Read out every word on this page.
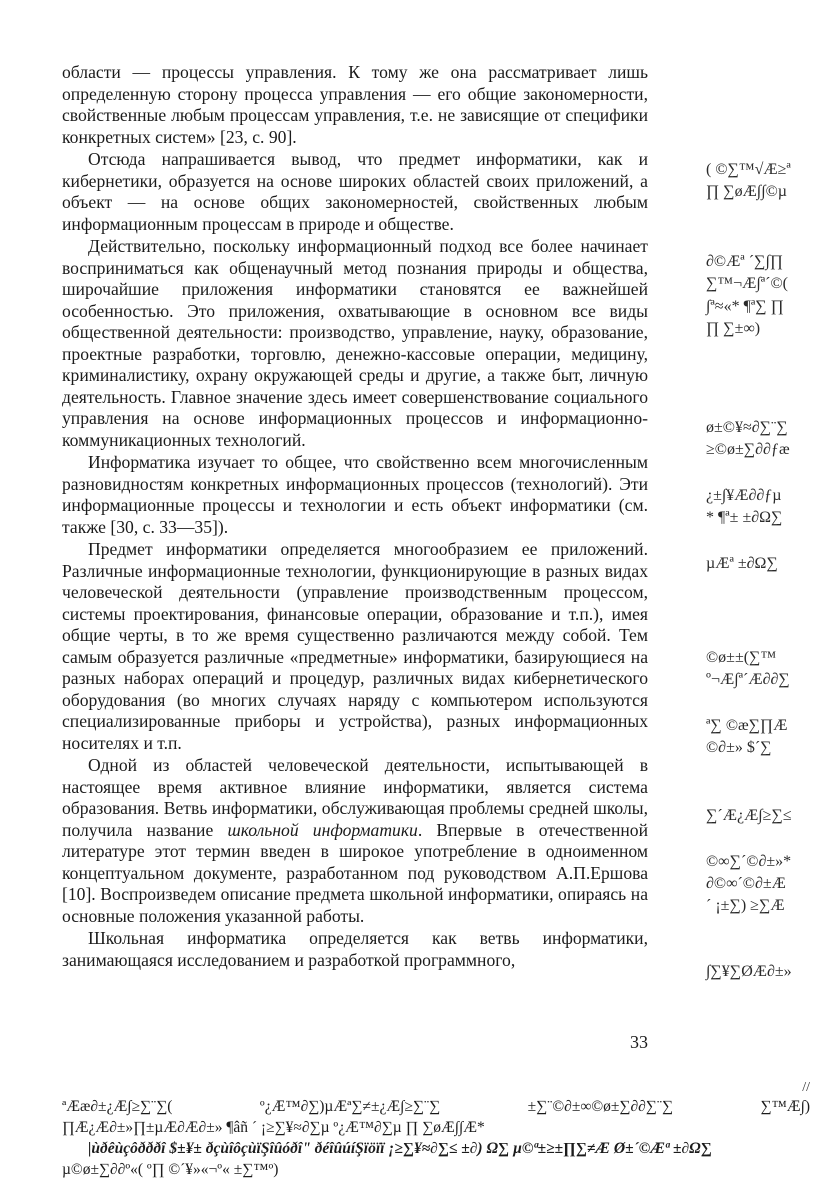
области — процессы управления. К тому же она рассматривает лишь определенную сторону процесса управления — его общие закономерности, свойственные любым процессам управления, т.е. не зависящие от специфики конкретных систем» [23, с. 90].

Отсюда напрашивается вывод, что предмет информатики, как и кибернетики, образуется на основе широких областей своих приложений, а объект — на основе общих закономерностей, свойственных любым информационным процессам в природе и обществе.

Действительно, поскольку информационный подход все более начинает восприниматься как общенаучный метод познания природы и общества, широчайшие приложения информатики становятся ее важнейшей особенностью. Это приложения, охватывающие в основном все виды общественной деятельности: производство, управление, науку, образование, проектные разработки, торговлю, денежно-кассовые операции, медицину, криминалистику, охрану окружающей среды и другие, а также быт, личную деятельность. Главное значение здесь имеет совершенствование социального управления на основе информационных процессов и информационно-коммуникационных технологий.

Информатика изучает то общее, что свойственно всем многочисленным разновидностям конкретных информационных процессов (технологий). Эти информационные процессы и технологии и есть объект информатики (см. также [30, с. 33—35]).

Предмет информатики определяется многообразием ее приложений. Различные информационные технологии, функционирующие в разных видах человеческой деятельности (управление производственным процессом, системы проектирования, финансовые операции, образование и т.п.), имея общие черты, в то же время существенно различаются между собой. Тем самым образуется различные «предметные» информатики, базирующиеся на разных наборах операций и процедур, различных видах кибернетического оборудования (во многих случаях наряду с компьютером используются специализированные приборы и устройства), разных информационных носителях и т.п.

Одной из областей человеческой деятельности, испытывающей в настоящее время активное влияние информатики, является система образования. Ветвь информатики, обслуживающая проблемы средней школы, получила название школьной информатики. Впервые в отечественной литературе этот термин введен в широкое употребление в одноименном концептуальном документе, разработанном под руководством А.П.Ершова [10]. Воспроизведем описание предмета школьной информатики, опираясь на основные положения указанной работы.

Школьная информатика определяется как ветвь информатики, занимающаяся исследованием и разработкой программного,

33
( ©∑™√Æ≥ª
∏ ∑øÆ∫∫©µ
∂©Æª ´∑∫∏
∑™¬Æ∫ª´©(
∫ª≈«* ¶ª∑ ∏
∏ ∑±∞)
ø±©¥≈∂∑¨∑
≥©ø±∑∂∂ƒæ
¿±∫¥Æ∂∂ƒµ
* ¶ª± ±∂Ω∑
µÆª ±∂Ω∑
©ø±±(∑™
º¬Æ∫ª´Æ∂∂∑
ª∑ ©æ∑∏Æ
©∂±» $´∑
∑´Æ¿Æ∫≥∑≤
©∞∑´©∂±»*
∂©∞´©∂±Æ
´ ¡±∑) ≥∑Æ
∫∑¥∑ØÆ∂±»
//
ªÆæ∂±¿Æ∫≥∑¨∑(	º¿Æ™∂∑)µÆª∑≠±¿Æ∫≥∑¨∑	±∑¨©∂±∞©ø±∑∂∂∑¨∑	∑™Æ∫)
∏Æ¿Æ∂±»∏±µÆ∂Æ∂±» ¶âñ ´ ¡≥∑¥≈∂∑µ º¿Æ™∂∑µ ∏ ∑øÆ∫∫Æ*
|ùðêùçôðððî $±¥± ðçùîôçùïŞîûóðî" ðéîûúíŞïöïï ¡≥∑¥≈∂∑≤ ±∂) Ω∑ µ©ª±≥±∏∑≠Æ Ø±´©Æª ±∂Ω∑
µ©ø±∑∂∂º«( º∏ ©´¥»«¬º« ±∑™º)
